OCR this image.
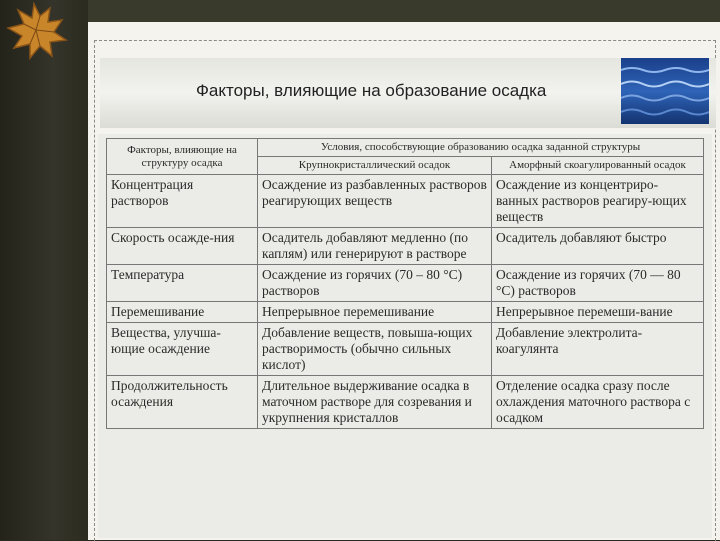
Факторы, влияющие на образование осадка
Факторы, влияющие на структуру осадка	Условия, способствующие образованию осадка заданной структуры	
	Крупнокристаллический осадок	Аморфный скоагулированный осадок
Концентрация растворов	Осаждение из разбавленных растворов реагирующих веществ	Осаждение из концентриро-ванных растворов реагиру-ющих веществ
Скорость осажде-ния	Осадитель добавляют медленно (по каплям) или генерируют в растворе	Осадитель добавляют быстро
Температура	Осаждение из горячих (70 – 80 °С) растворов	Осаждение из горячих (70 — 80 °С) растворов
Перемешивание	Непрерывное перемешивание	Непрерывное перемеши-вание
Вещества, улучша-ющие осаждение	Добавление веществ, повыша-ющих растворимость (обычно сильных кислот)	Добавление электролита-коагулянта
Продолжительность осаждения	Длительное выдерживание осадка в маточном растворе для созревания и укрупнения кристаллов	Отделение осадка сразу после охлаждения маточного раствора с осадком
